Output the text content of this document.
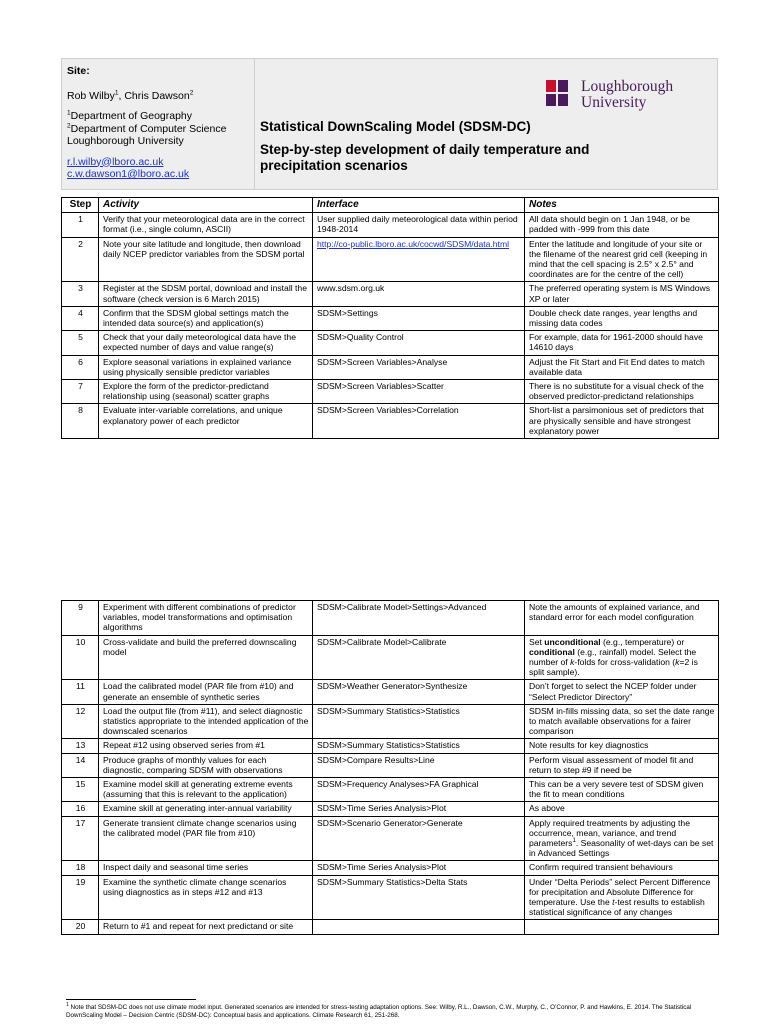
Site:
Rob Wilby$^1$, Chris Dawson$^2$
$^1$Department of Geography
$^2$Department of Computer Science
Loughborough University
r.l.wilby@lboro.ac.uk
c.w.dawson1@lboro.ac.uk
Loughborough
University
Statistical DownScaling Model (SDSM-DC)
Step-by-step development of daily temperature and precipitation scenarios
Step	Activity	Interface	Notes
1	Verify that your meteorological data are in the correct format (i.e., single column, ASCII)	User supplied daily meteorological data within period 1948-2014	All data should begin on 1 Jan 1948, or be padded with -999 from this date
2	Note your site latitude and longitude, then download daily NCEP predictor variables from the SDSM portal	http://co-public.lboro.ac.uk/cocwd/SDSM/data.html	Enter the latitude and longitude of your site or the filename of the nearest grid cell (keeping in mind that the cell spacing is 2.5° x 2.5° and coordinates are for the centre of the cell)
3	Register at the SDSM portal, download and install the software (check version is 6 March 2015)	www.sdsm.org.uk	The preferred operating system is MS Windows XP or later
4	Confirm that the SDSM global settings match the intended data source(s) and application(s)	SDSM>Settings	Double check date ranges, year lengths and missing data codes
5	Check that your daily meteorological data have the expected number of days and value range(s)	SDSM>Quality Control	For example, data for 1961-2000 should have 14610 days
6	Explore seasonal variations in explained variance using physically sensible predictor variables	SDSM>Screen Variables>Analyse	Adjust the Fit Start and Fit End dates to match available data
7	Explore the form of the predictor-predictand relationship using (seasonal) scatter graphs	SDSM>Screen Variables>Scatter	There is no substitute for a visual check of the observed predictor-predictand relationships
8	Evaluate inter-variable correlations, and unique explanatory power of each predictor	SDSM>Screen Variables>Correlation	Short-list a parsimonious set of predictors that are physically sensible and have strongest explanatory power
9	Experiment with different combinations of predictor variables, model transformations and optimisation algorithms	SDSM>Calibrate Model>Settings>Advanced	Note the amounts of explained variance, and standard error for each model configuration
10	Cross-validate and build the preferred downscaling model	SDSM>Calibrate Model>Calibrate	Set unconditional (e.g., temperature) or conditional (e.g., rainfall) model. Select the number of k-folds for cross-validation (k=2 is split sample).
11	Load the calibrated model (PAR file from #10) and generate an ensemble of synthetic series	SDSM>Weather Generator>Synthesize	Don’t forget to select the NCEP folder under “Select Predictor Directory”
12	Load the output file (from #11), and select diagnostic statistics appropriate to the intended application of the downscaled scenarios	SDSM>Summary Statistics>Statistics	SDSM in-fills missing data, so set the date range to match available observations for a fairer comparison
13	Repeat #12 using observed series from #1	SDSM>Summary Statistics>Statistics	Note results for key diagnostics
14	Produce graphs of monthly values for each diagnostic, comparing SDSM with observations	SDSM>Compare Results>Line	Perform visual assessment of model fit and return to step #9 if need be
15	Examine model skill at generating extreme events (assuming that this is relevant to the application)	SDSM>Frequency Analyses>FA Graphical	This can be a very severe test of SDSM given the fit to mean conditions
16	Examine skill at generating inter-annual variability	SDSM>Time Series Analysis>Plot	As above
17	Generate transient climate change scenarios using the calibrated model (PAR file from #10)	SDSM>Scenario Generator>Generate	Apply required treatments by adjusting the occurrence, mean, variance, and trend parameters$^1$. Seasonality of wet-days can be set in Advanced Settings
18	Inspect daily and seasonal time series	SDSM>Time Series Analysis>Plot	Confirm required transient behaviours
19	Examine the synthetic climate change scenarios using diagnostics as in steps #12 and #13	SDSM>Summary Statistics>Delta Stats	Under “Delta Periods” select Percent Difference for precipitation and Absolute Difference for temperature. Use the t-test results to establish statistical significance of any changes
20	Return to #1 and repeat for next predictand or site		
$^1$ Note that SDSM-DC does not use climate model input. Generated scenarios are intended for stress-testing adaptation options. See: Wilby, R.L., Dawson, C.W., Murphy, C., O’Connor, P. and Hawkins, E. 2014. The Statistical DownScaling Model – Decision Centric (SDSM-DC): Conceptual basis and applications. Climate Research 61, 251-268.
